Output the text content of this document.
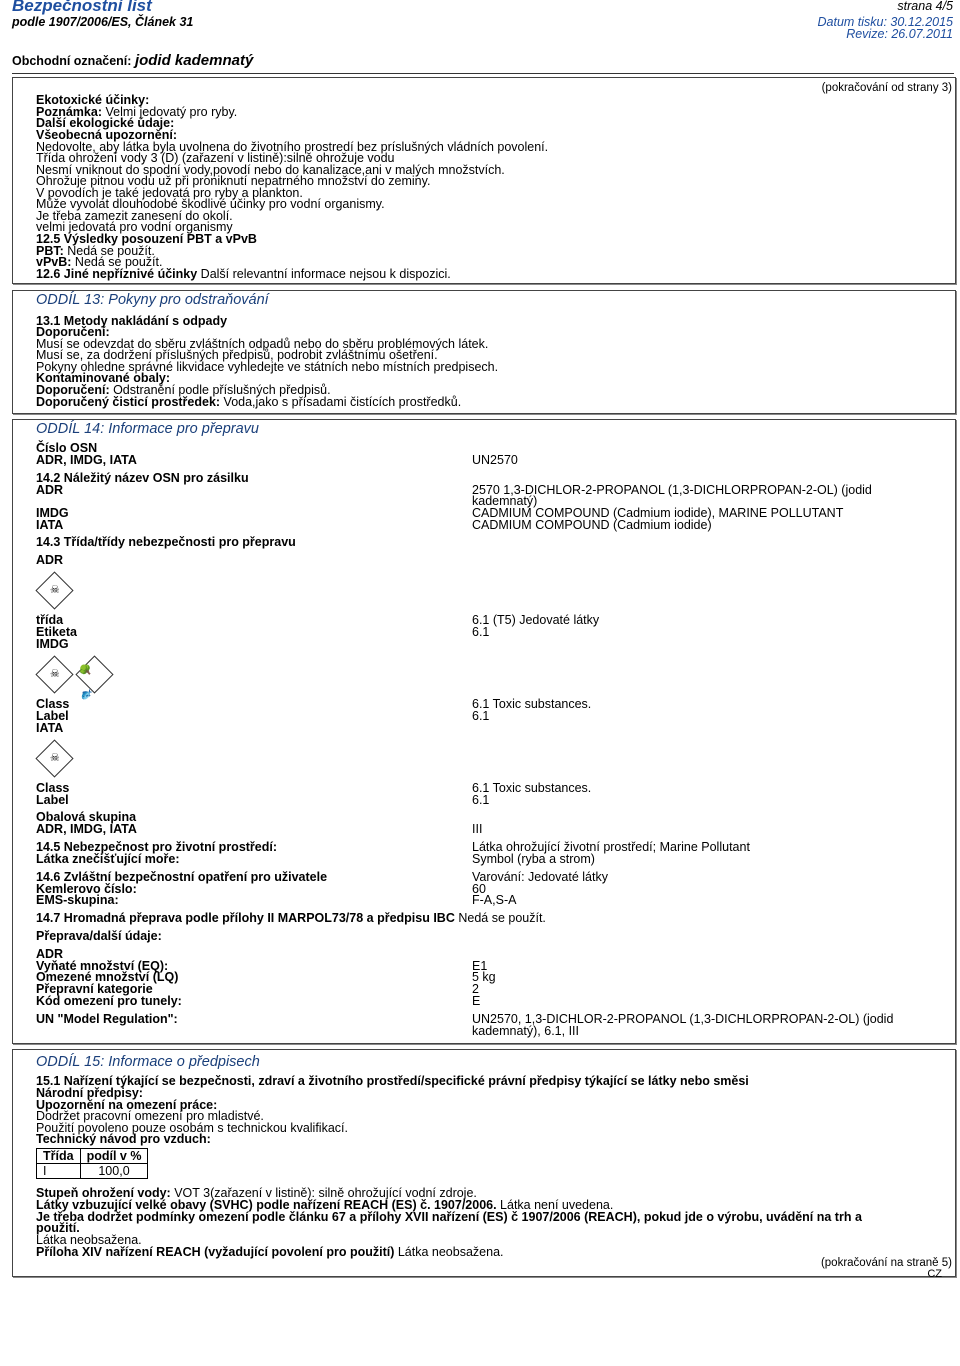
Bezpečnostní list
podle 1907/2006/ES, Článek 31
strana 4/5
Datum tisku: 30.12.2015
Revize: 26.07.2011
Obchodní označení: jodid kademnatý
(pokračování od strany 3)
Ekotoxické účinky:
Poznámka: Velmi jedovatý pro ryby.
Další ekologické údaje:
Všeobecná upozornění:
Nedovolte, aby látka byla uvolnena do životního prostredí bez príslušných vládních povolení.
Třída ohrožení vody 3 (D) (zařazení v listině):silně ohrožuje vodu
Nesmí vniknout do spodní vody,povodí nebo do kanalizace,ani v malých množstvích.
Ohrožuje pitnou vodu už při proniknutí nepatrného množství do zeminy.
V povodích je také jedovatá pro ryby a plankton.
Může vyvolat dlouhodobé škodlivé účinky pro vodní organismy.
Je třeba zamezit zanesení do okolí.
velmi jedovatá pro vodní organismy
12.5 Výsledky posouzení PBT a vPvB
PBT: Nedá se použít.
vPvB: Nedá se použít.
12.6 Jiné nepříznivé účinky Další relevantní informace nejsou k dispozici.
ODDÍL 13: Pokyny pro odstraňování
13.1 Metody nakládání s odpady
Doporučení:
Musí se odevzdat do sběru zvláštních odpadů nebo do sběru problémových látek.
Musí se, za dodržení příslušných předpisů, podrobit zvláštnímu ošetření.
Pokyny ohledne správné likvidace vyhledejte ve státních nebo místních predpisech.
Kontaminované obaly:
Doporučení: Odstranění podle příslušných předpisů.
Doporučený čisticí prostředek: Voda,jako s přísadami čistících prostředků.
ODDÍL 14: Informace pro přepravu
Číslo OSN
ADR, IMDG, IATA	UN2570
14.2 Náležitý název OSN pro zásilku
ADR	2570 1,3-DICHLOR-2-PROPANOL (1,3-DICHLORPROPAN-2-OL) (jodid
kademnatý)
IMDG	CADMIUM COMPOUND (Cadmium iodide), MARINE POLLUTANT
IATA	CADMIUM COMPOUND (Cadmium iodide)
14.3 Třída/třídy nebezpečnosti pro přepravu
ADR
☠
třída	6.1 (T5) Jedovaté látky
Etiketa	6.1
IMDG
☠	🌳
🐟
Class	6.1 Toxic substances.
Label	6.1
IATA
☠
Class	6.1 Toxic substances.
Label	6.1
Obalová skupina
ADR, IMDG, IATA	III
14.5 Nebezpečnost pro životní prostředí:	Látka ohrožující životní prostředí; Marine Pollutant
Látka znečišťující moře:	Symbol (ryba a strom)
14.6 Zvláštní bezpečnostní opatření pro uživatele	Varování: Jedovaté látky
Kemlerovo číslo:	60
EMS-skupina:	F-A,S-A
14.7 Hromadná přeprava podle přílohy II MARPOL73/78 a předpisu IBC Nedá se použít.
Přeprava/další údaje:
ADR
Vyňaté množství (EQ):	E1
Omezené množství (LQ)	5 kg
Přepravní kategorie	2
Kód omezení pro tunely:	E
UN "Model Regulation":	UN2570, 1,3-DICHLOR-2-PROPANOL (1,3-DICHLORPROPAN-2-OL) (jodid
kademnatý), 6.1, III
ODDÍL 15: Informace o předpisech
15.1 Nařízení týkající se bezpečnosti, zdraví a životního prostředí/specifické právní předpisy týkající se látky nebo směsi
Národní předpisy:
Upozornění na omezení práce:
Dodržet pracovní omezení pro mladistvé.
Použití povoleno pouze osobám s technickou kvalifikací.
Technický návod pro vzduch:
Třída	podíl v %
I	100,0
Stupeň ohrožení vody: VOT 3(zařazení v listině): silně ohrožující vodní zdroje.
Látky vzbuzující velké obavy (SVHC) podle nařízení REACH (ES) č. 1907/2006. Látka není uvedena.
Je třeba dodržet podmínky omezení podle článku 67 a přílohy XVII nařízení (ES) č 1907/2006 (REACH), pokud jde o výrobu, uvádění na trh a
použití.
Látka neobsažena.
Příloha XIV nařízení REACH (vyžadující povolení pro použití) Látka neobsažena.
(pokračování na straně 5)
CZ
